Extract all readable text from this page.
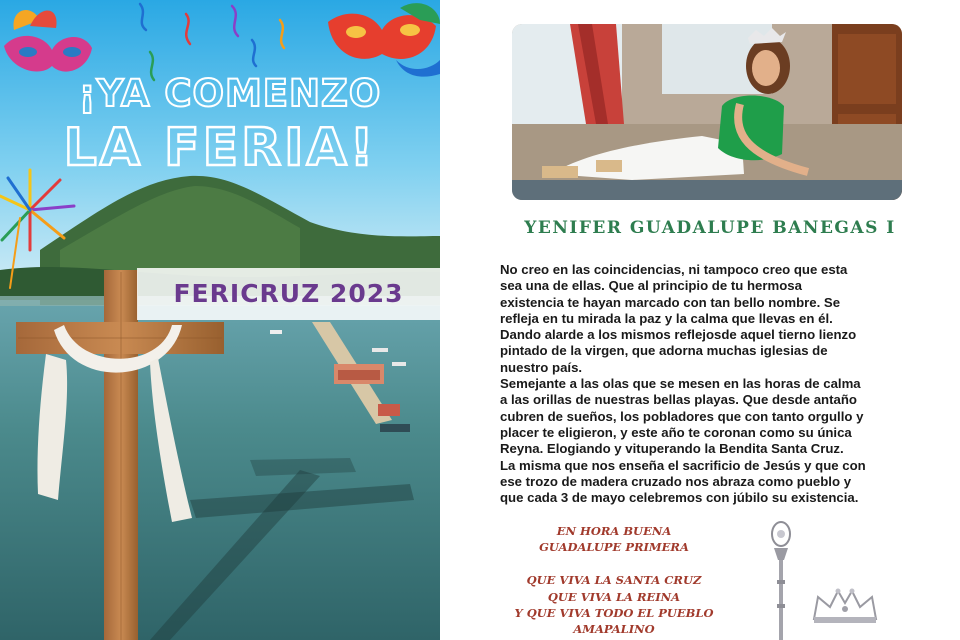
¡YA COMENZO
LA FERIA!
FERICRUZ 2023
YENIFER GUADALUPE BANEGAS I

No creo en las coincidencias, ni tampoco creo que esta

sea una de ellas. Que al principio de tu hermosa

existencia te hayan marcado con tan bello nombre. Se

refleja en tu mirada la paz y la calma que llevas en él.

Dando alarde a los mismos reflejosde aquel tierno lienzo

pintado de la virgen, que adorna muchas iglesias de

nuestro país.

Semejante a las olas que se mesen en las horas de calma

a las orillas de nuestras bellas playas. Que desde antaño

cubren de sueños, los pobladores que con tanto orgullo y

placer te eligieron, y este año te coronan como su única

Reyna. Elogiando y vituperando la Bendita Santa Cruz.

La misma que nos enseña el sacrificio de Jesús y que con

ese trozo de madera cruzado nos abraza como pueblo y

que cada 3 de mayo celebremos con júbilo su existencia.

EN HORA BUENA
GUADALUPE PRIMERA
QUE VIVA LA SANTA CRUZ
QUE VIVA LA REINA
Y QUE VIVA TODO EL PUEBLO
AMAPALINO
